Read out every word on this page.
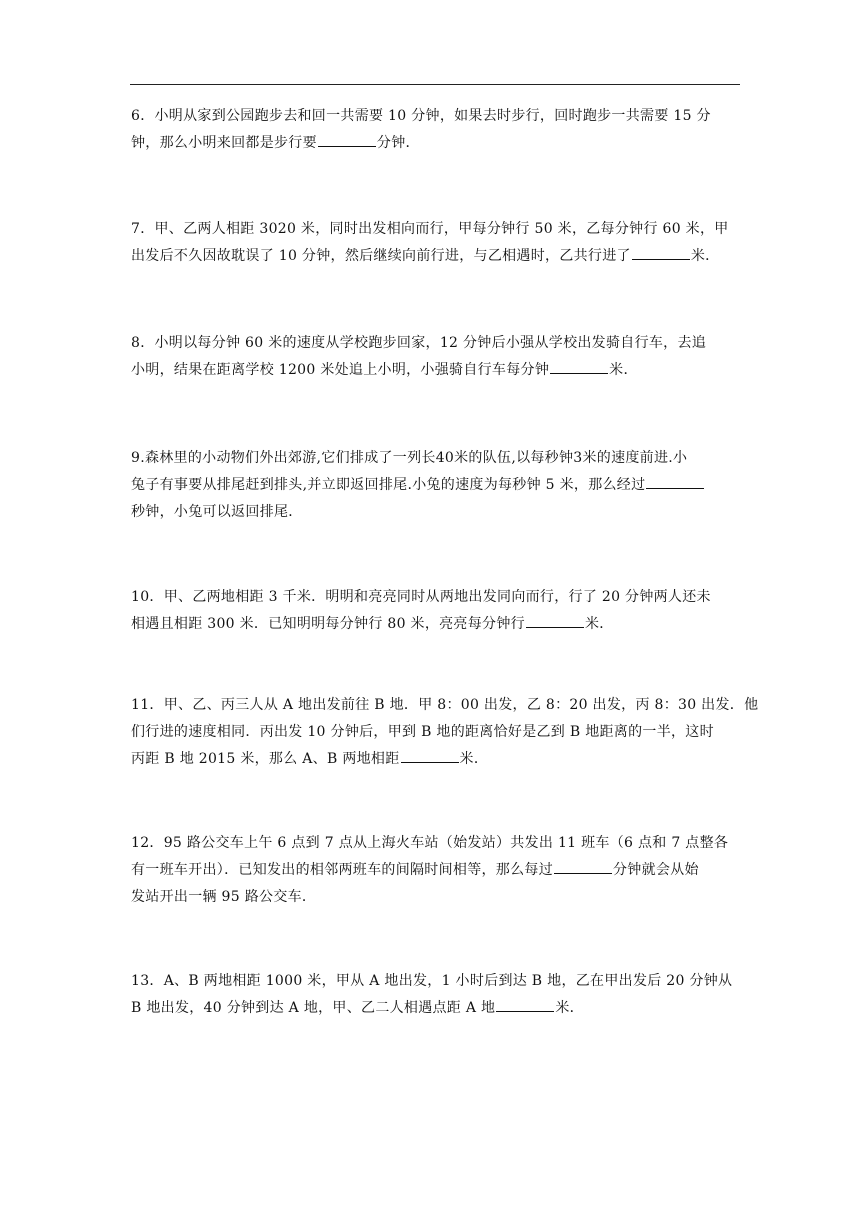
6．小明从家到公园跑步去和回一共需要 10 分钟，如果去时步行，回时跑步一共需要 15 分
钟，那么小明来回都是步行要	分钟．
7．甲、乙两人相距 3020 米，同时出发相向而行，甲每分钟行 50 米，乙每分钟行 60 米，甲
出发后不久因故耽误了 10 分钟，然后继续向前行进，与乙相遇时，乙共行进了	米．
8．小明以每分钟 60 米的速度从学校跑步回家，12 分钟后小强从学校出发骑自行车，去追
小明，结果在距离学校 1200 米处追上小明，小强骑自行车每分钟	米．
9.森林里的小动物们外出郊游,它们排成了一列长40米的队伍,以每秒钟3米的速度前进.小
兔子有事要从排尾赶到排头,并立即返回排尾.小兔的速度为每秒钟 5 米，那么经过
秒钟，小兔可以返回排尾．
10．甲、乙两地相距 3 千米．明明和亮亮同时从两地出发同向而行，行了 20 分钟两人还未
相遇且相距 300 米．已知明明每分钟行 80 米，亮亮每分钟行	米．
11．甲、乙、丙三人从 A 地出发前往 B 地．甲 8：00 出发，乙 8：20 出发，丙 8：30 出发．他
们行进的速度相同．丙出发 10 分钟后，甲到 B 地的距离恰好是乙到 B 地距离的一半，这时
丙距 B 地 2015 米，那么 A、B 两地相距	米．
12．95 路公交车上午 6 点到 7 点从上海火车站（始发站）共发出 11 班车（6 点和 7 点整各
有一班车开出）．已知发出的相邻两班车的间隔时间相等，那么每过	分钟就会从始
发站开出一辆 95 路公交车．
13．A、B 两地相距 1000 米，甲从 A 地出发，1 小时后到达 B 地，乙在甲出发后 20 分钟从
B 地出发，40 分钟到达 A 地，甲、乙二人相遇点距 A 地	米．
